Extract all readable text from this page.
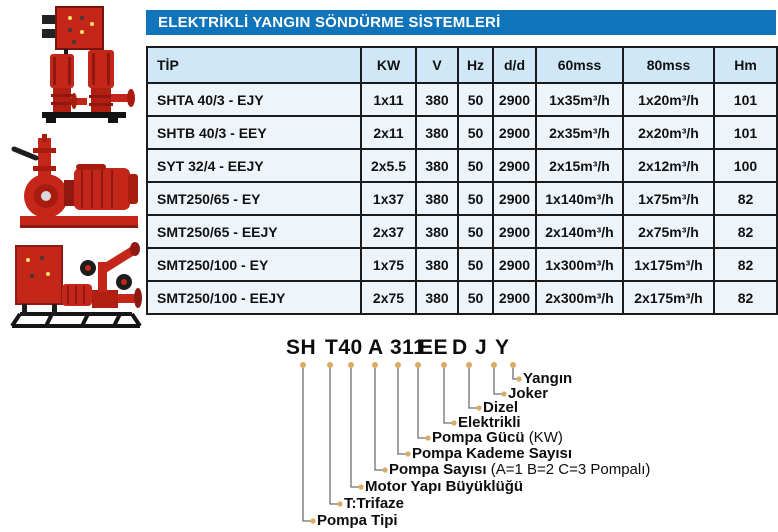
ELEKTRİKLİ YANGIN SÖNDÜRME SİSTEMLERİ
TİP	KW	V	Hz	d/d	60mss	80mss	Hm
SHTA 40/3 - EJY	1x11	380	50	2900	1x35m³/h	1x20m³/h	101
SHTB 40/3 - EEY	2x11	380	50	2900	2x35m³/h	2x20m³/h	101
SYT 32/4 - EEJY	2x5.5	380	50	2900	2x15m³/h	2x12m³/h	100
SMT250/65 - EY	1x37	380	50	2900	1x140m³/h	1x75m³/h	82
SMT250/65 - EEJY	2x37	380	50	2900	2x140m³/h	2x75m³/h	82
SMT250/100 - EY	1x75	380	50	2900	1x300m³/h	1x175m³/h	82
SMT250/100 - EEJY	2x75	380	50	2900	2x300m³/h	2x175m³/h	82
SH T40 A 311
EE D J Y
Pompa Tipi
T:Trifaze
Motor Yapı Büyüklüğü
Pompa Sayısı (A=1 B=2 C=3 Pompalı)
Pompa Kademe Sayısı
Pompa Gücü (KW)
Elektrikli
Dizel
Joker
Yangın
